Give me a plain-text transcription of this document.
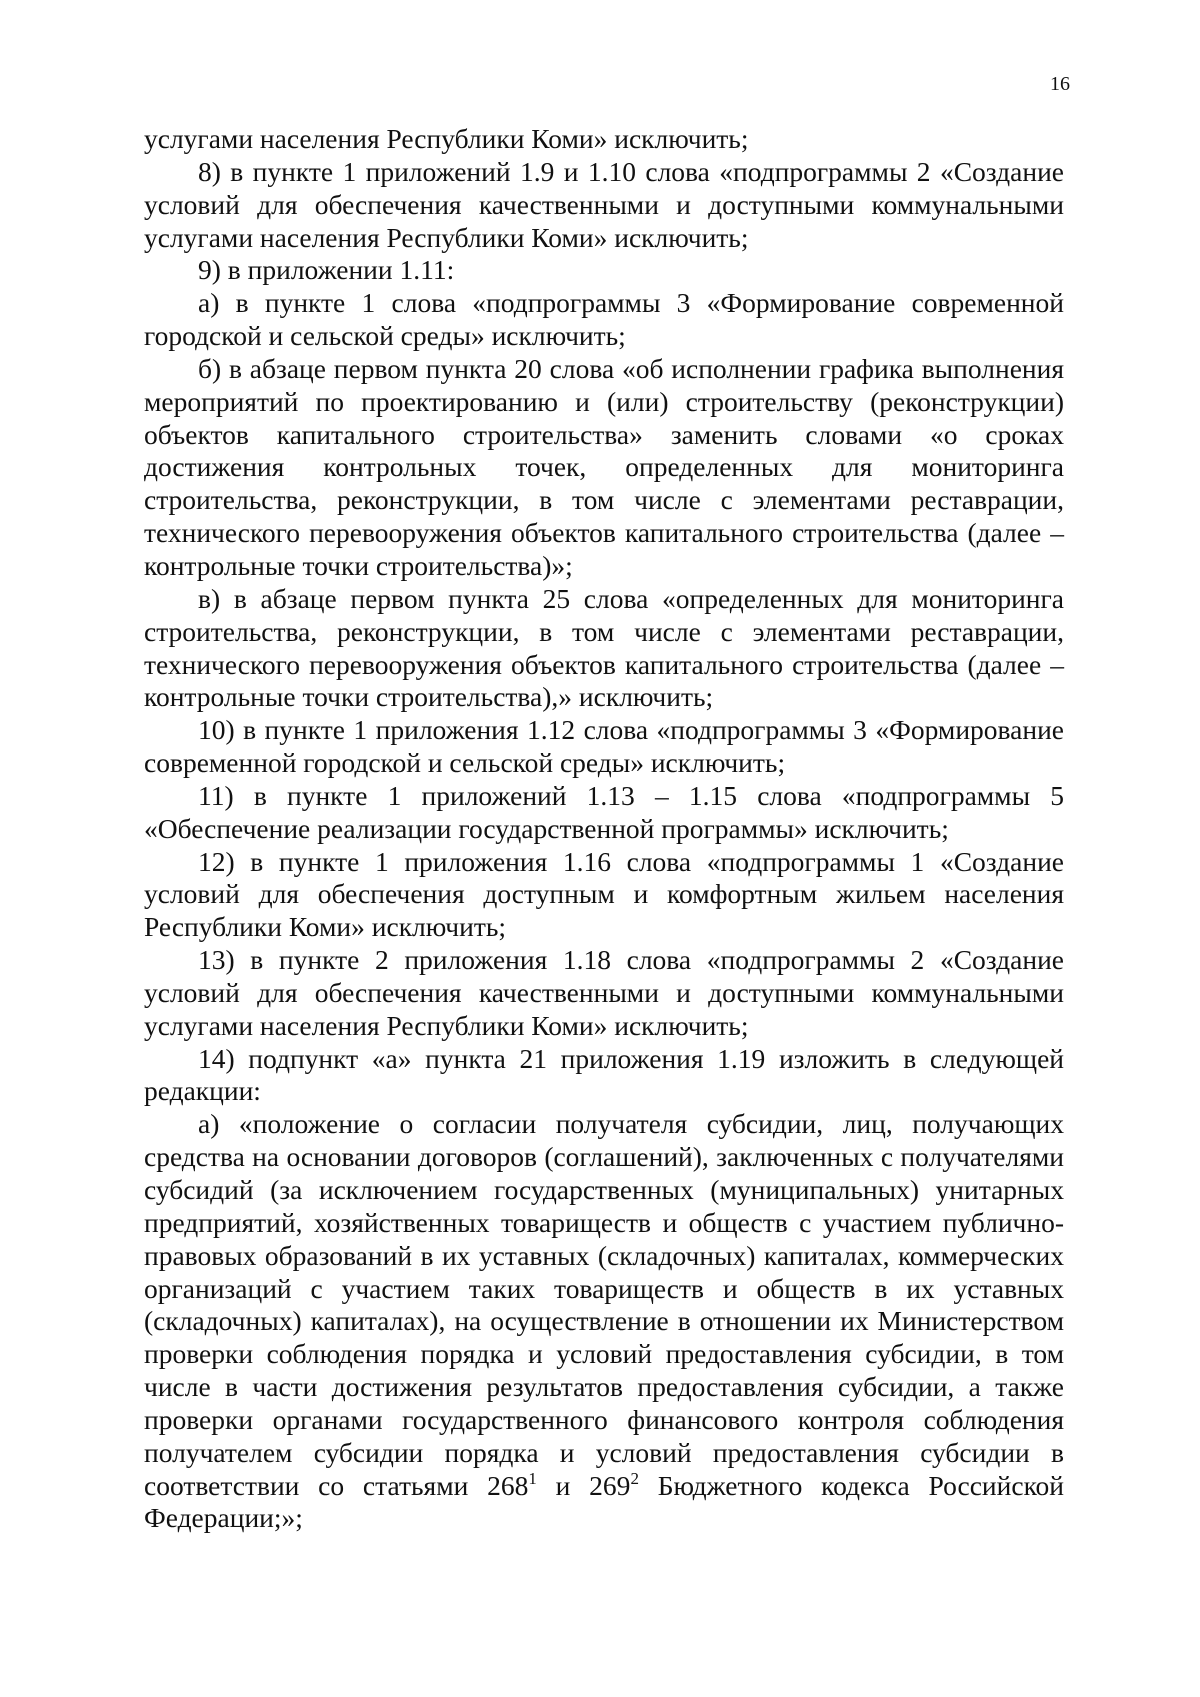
16

услугами населения Республики Коми» исключить;

8) в пункте 1 приложений 1.9 и 1.10 слова «подпрограммы 2 «Создание условий для обеспечения качественными и доступными коммунальными услугами населения Республики Коми» исключить;

9) в приложении 1.11:

а) в пункте 1 слова «подпрограммы 3 «Формирование современной городской и сельской среды» исключить;

б) в абзаце первом пункта 20 слова «об исполнении графика выполнения мероприятий по проектированию и (или) строительству (реконструкции) объектов капитального строительства» заменить словами «о сроках достижения контрольных точек, определенных для мониторинга строительства, реконструкции, в том числе с элементами реставрации, технического перевооружения объектов капитального строительства (далее – контрольные точки строительства)»;

в) в абзаце первом пункта 25 слова «определенных для мониторинга строительства, реконструкции, в том числе с элементами реставрации, технического перевооружения объектов капитального строительства (далее – контрольные точки строительства),» исключить;

10) в пункте 1 приложения 1.12 слова «подпрограммы 3 «Формирование современной городской и сельской среды» исключить;

11) в пункте 1 приложений 1.13 – 1.15 слова «подпрограммы 5 «Обеспечение реализации государственной программы» исключить;

12) в пункте 1 приложения 1.16 слова «подпрограммы 1 «Создание условий для обеспечения доступным и комфортным жильем населения Республики Коми» исключить;

13) в пункте 2 приложения 1.18 слова «подпрограммы 2 «Создание условий для обеспечения качественными и доступными коммунальными услугами населения Республики Коми» исключить;

14) подпункт «а» пункта 21 приложения 1.19 изложить в следующей редакции:

а) «положение о согласии получателя субсидии, лиц, получающих средства на основании договоров (соглашений), заключенных с получателями субсидий (за исключением государственных (муниципальных) унитарных предприятий, хозяйственных товариществ и обществ с участием публично-правовых образований в их уставных (складочных) капиталах, коммерческих организаций с участием таких товариществ и обществ в их уставных (складочных) капиталах), на осуществление в отношении их Министерством проверки соблюдения порядка и условий предоставления субсидии, в том числе в части достижения результатов предоставления субсидии, а также проверки органами государственного финансового контроля соблюдения получателем субсидии порядка и условий предоставления субсидии в соответствии со статьями $268^1$ и $269^2$ Бюджетного кодекса Российской Федерации;»;
